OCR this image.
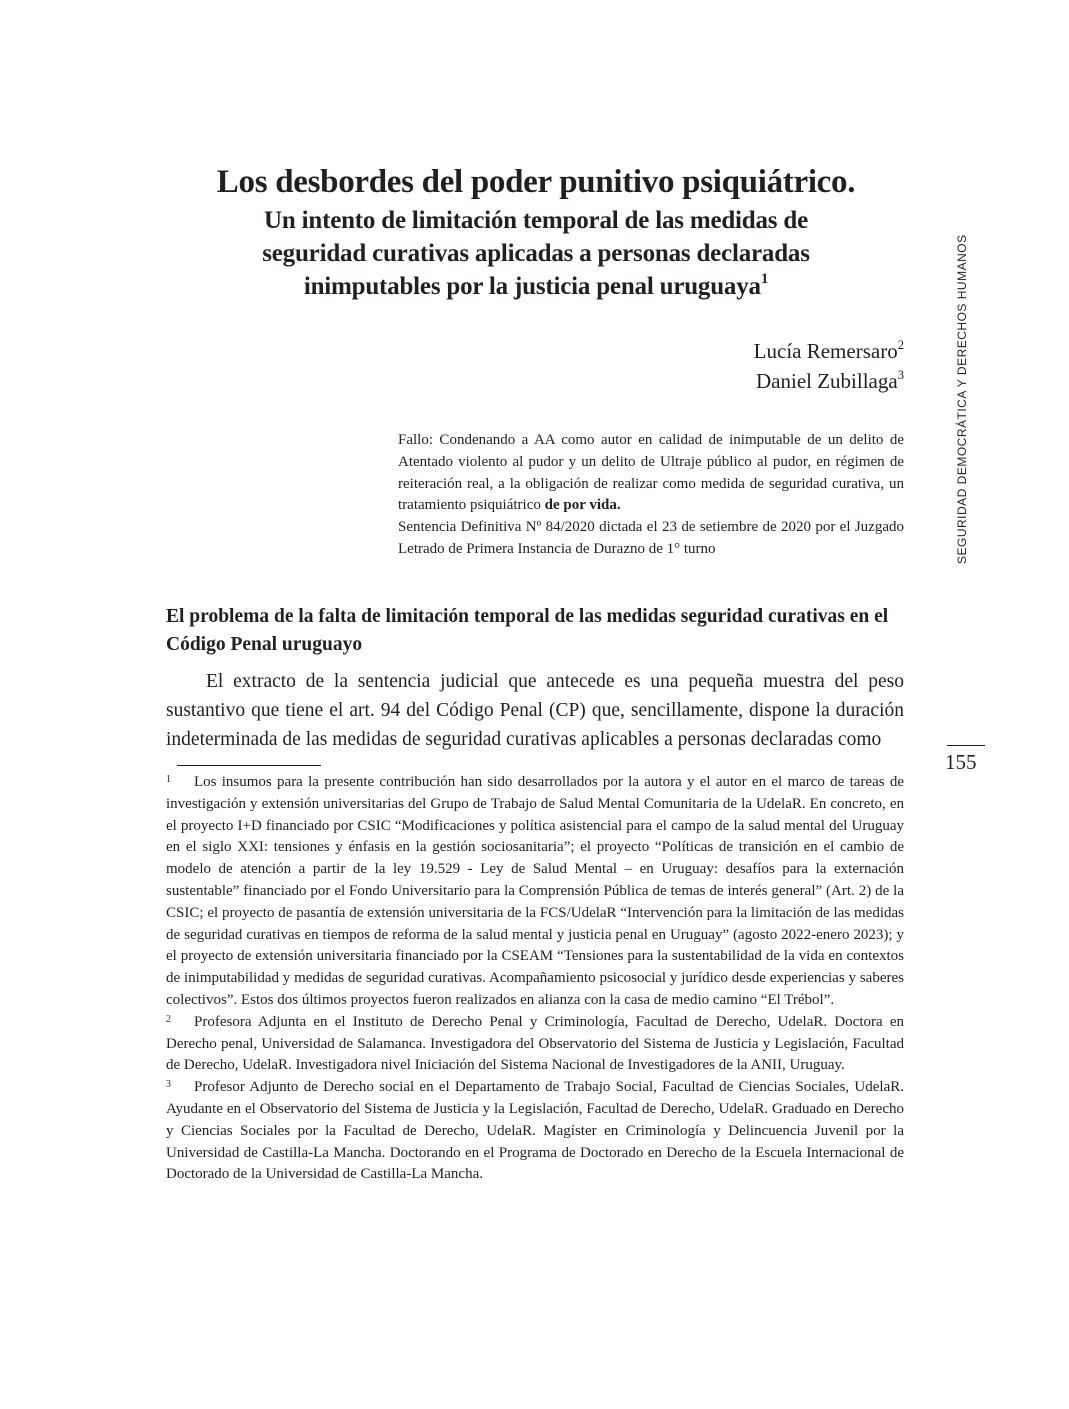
Los desbordes del poder punitivo psiquiátrico.

Un intento de limitación temporal de las medidas de
seguridad curativas aplicadas a personas declaradas
inimputables por la justicia penal uruguaya$^1$

Lucía Remersaro$^2$
Daniel Zubillaga$^3$

Fallo: Condenando a AA como autor en calidad de inimputable de un delito de Atentado violento al pudor y un delito de Ultraje público al pudor, en régimen de reiteración real, a la obligación de realizar como medida de seguridad curativa, un tratamiento psiquiátrico de por vida.

Sentencia Definitiva Nº 84/2020 dictada el 23 de setiembre de 2020 por el Juzgado Letrado de Primera Instancia de Durazno de 1° turno	SEGURIDAD DEMOCRÁTICA Y DERECHOS HUMANOS
El problema de la falta de limitación temporal de las medidas seguridad curativas en el Código Penal uruguayo

El extracto de la sentencia judicial que antecede es una pequeña muestra del peso sustantivo que tiene el art. 94 del Código Penal (CP) que, sencillamente, dispone la duración indeterminada de las medidas de seguridad curativas aplicables a personas declaradas como

155

1 Los insumos para la presente contribución han sido desarrollados por la autora y el autor en el marco de tareas de investigación y extensión universitarias del Grupo de Trabajo de Salud Mental Comunitaria de la UdelaR. En concreto, en el proyecto I+D financiado por CSIC “Modificaciones y política asistencial para el campo de la salud mental del Uruguay en el siglo XXI: tensiones y énfasis en la gestión sociosanitaria”; el proyecto “Políticas de transición en el cambio de modelo de atención a partir de la ley 19.529 - Ley de Salud Mental – en Uruguay: desafíos para la externación sustentable” financiado por el Fondo Universitario para la Comprensión Pública de temas de interés general” (Art. 2) de la CSIC; el proyecto de pasantía de extensión universitaria de la FCS/UdelaR “Intervención para la limitación de las medidas de seguridad curativas en tiempos de reforma de la salud mental y justicia penal en Uruguay” (agosto 2022-enero 2023); y el proyecto de extensión universitaria financiado por la CSEAM “Tensiones para la sustentabilidad de la vida en contextos de inimputabilidad y medidas de seguridad curativas. Acompañamiento psicosocial y jurídico desde experiencias y saberes colectivos”. Estos dos últimos proyectos fueron realizados en alianza con la casa de medio camino “El Trébol”.

2 Profesora Adjunta en el Instituto de Derecho Penal y Criminología, Facultad de Derecho, UdelaR. Doctora en Derecho penal, Universidad de Salamanca. Investigadora del Observatorio del Sistema de Justicia y Legislación, Facultad de Derecho, UdelaR. Investigadora nivel Iniciación del Sistema Nacional de Investigadores de la ANII, Uruguay.

3 Profesor Adjunto de Derecho social en el Departamento de Trabajo Social, Facultad de Ciencias Sociales, UdelaR. Ayudante en el Observatorio del Sistema de Justicia y la Legislación, Facultad de Derecho, UdelaR. Graduado en Derecho y Ciencias Sociales por la Facultad de Derecho, UdelaR. Magíster en Criminología y Delincuencia Juvenil por la Universidad de Castilla-La Mancha. Doctorando en el Programa de Doctorado en Derecho de la Escuela Internacional de Doctorado de la Universidad de Castilla-La Mancha.
